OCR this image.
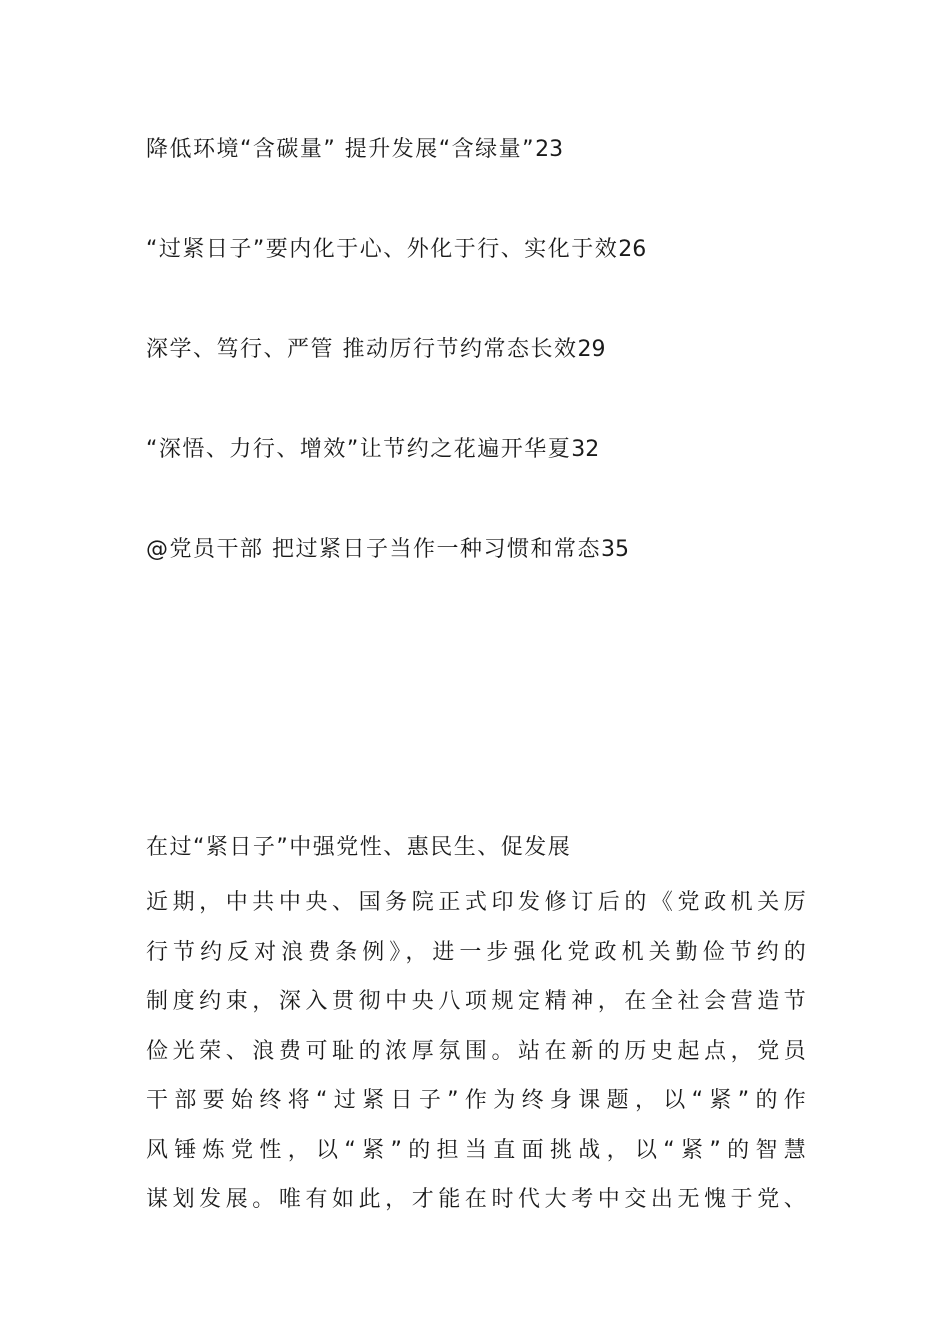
降低环境“含碳量” 提升发展“含绿量”23
“过紧日子”要内化于心、外化于行、实化于效26
深学、笃行、严管 推动厉行节约常态长效29
“深悟、力行、增效”让节约之花遍开华夏32
@党员干部 把过紧日子当作一种习惯和常态35
在过“紧日子”中强党性、惠民生、促发展
近期，中共中央、国务院正式印发修订后的《党政机关厉
行节约反对浪费条例》，进一步强化党政机关勤俭节约的
制度约束，深入贯彻中央八项规定精神，在全社会营造节
俭光荣、浪费可耻的浓厚氛围。站在新的历史起点，党员
干部要始终将“过紧日子”作为终身课题，以“紧”的作
风锤炼党性，以“紧”的担当直面挑战，以“紧”的智慧
谋划发展。唯有如此，才能在时代大考中交出无愧于党、
